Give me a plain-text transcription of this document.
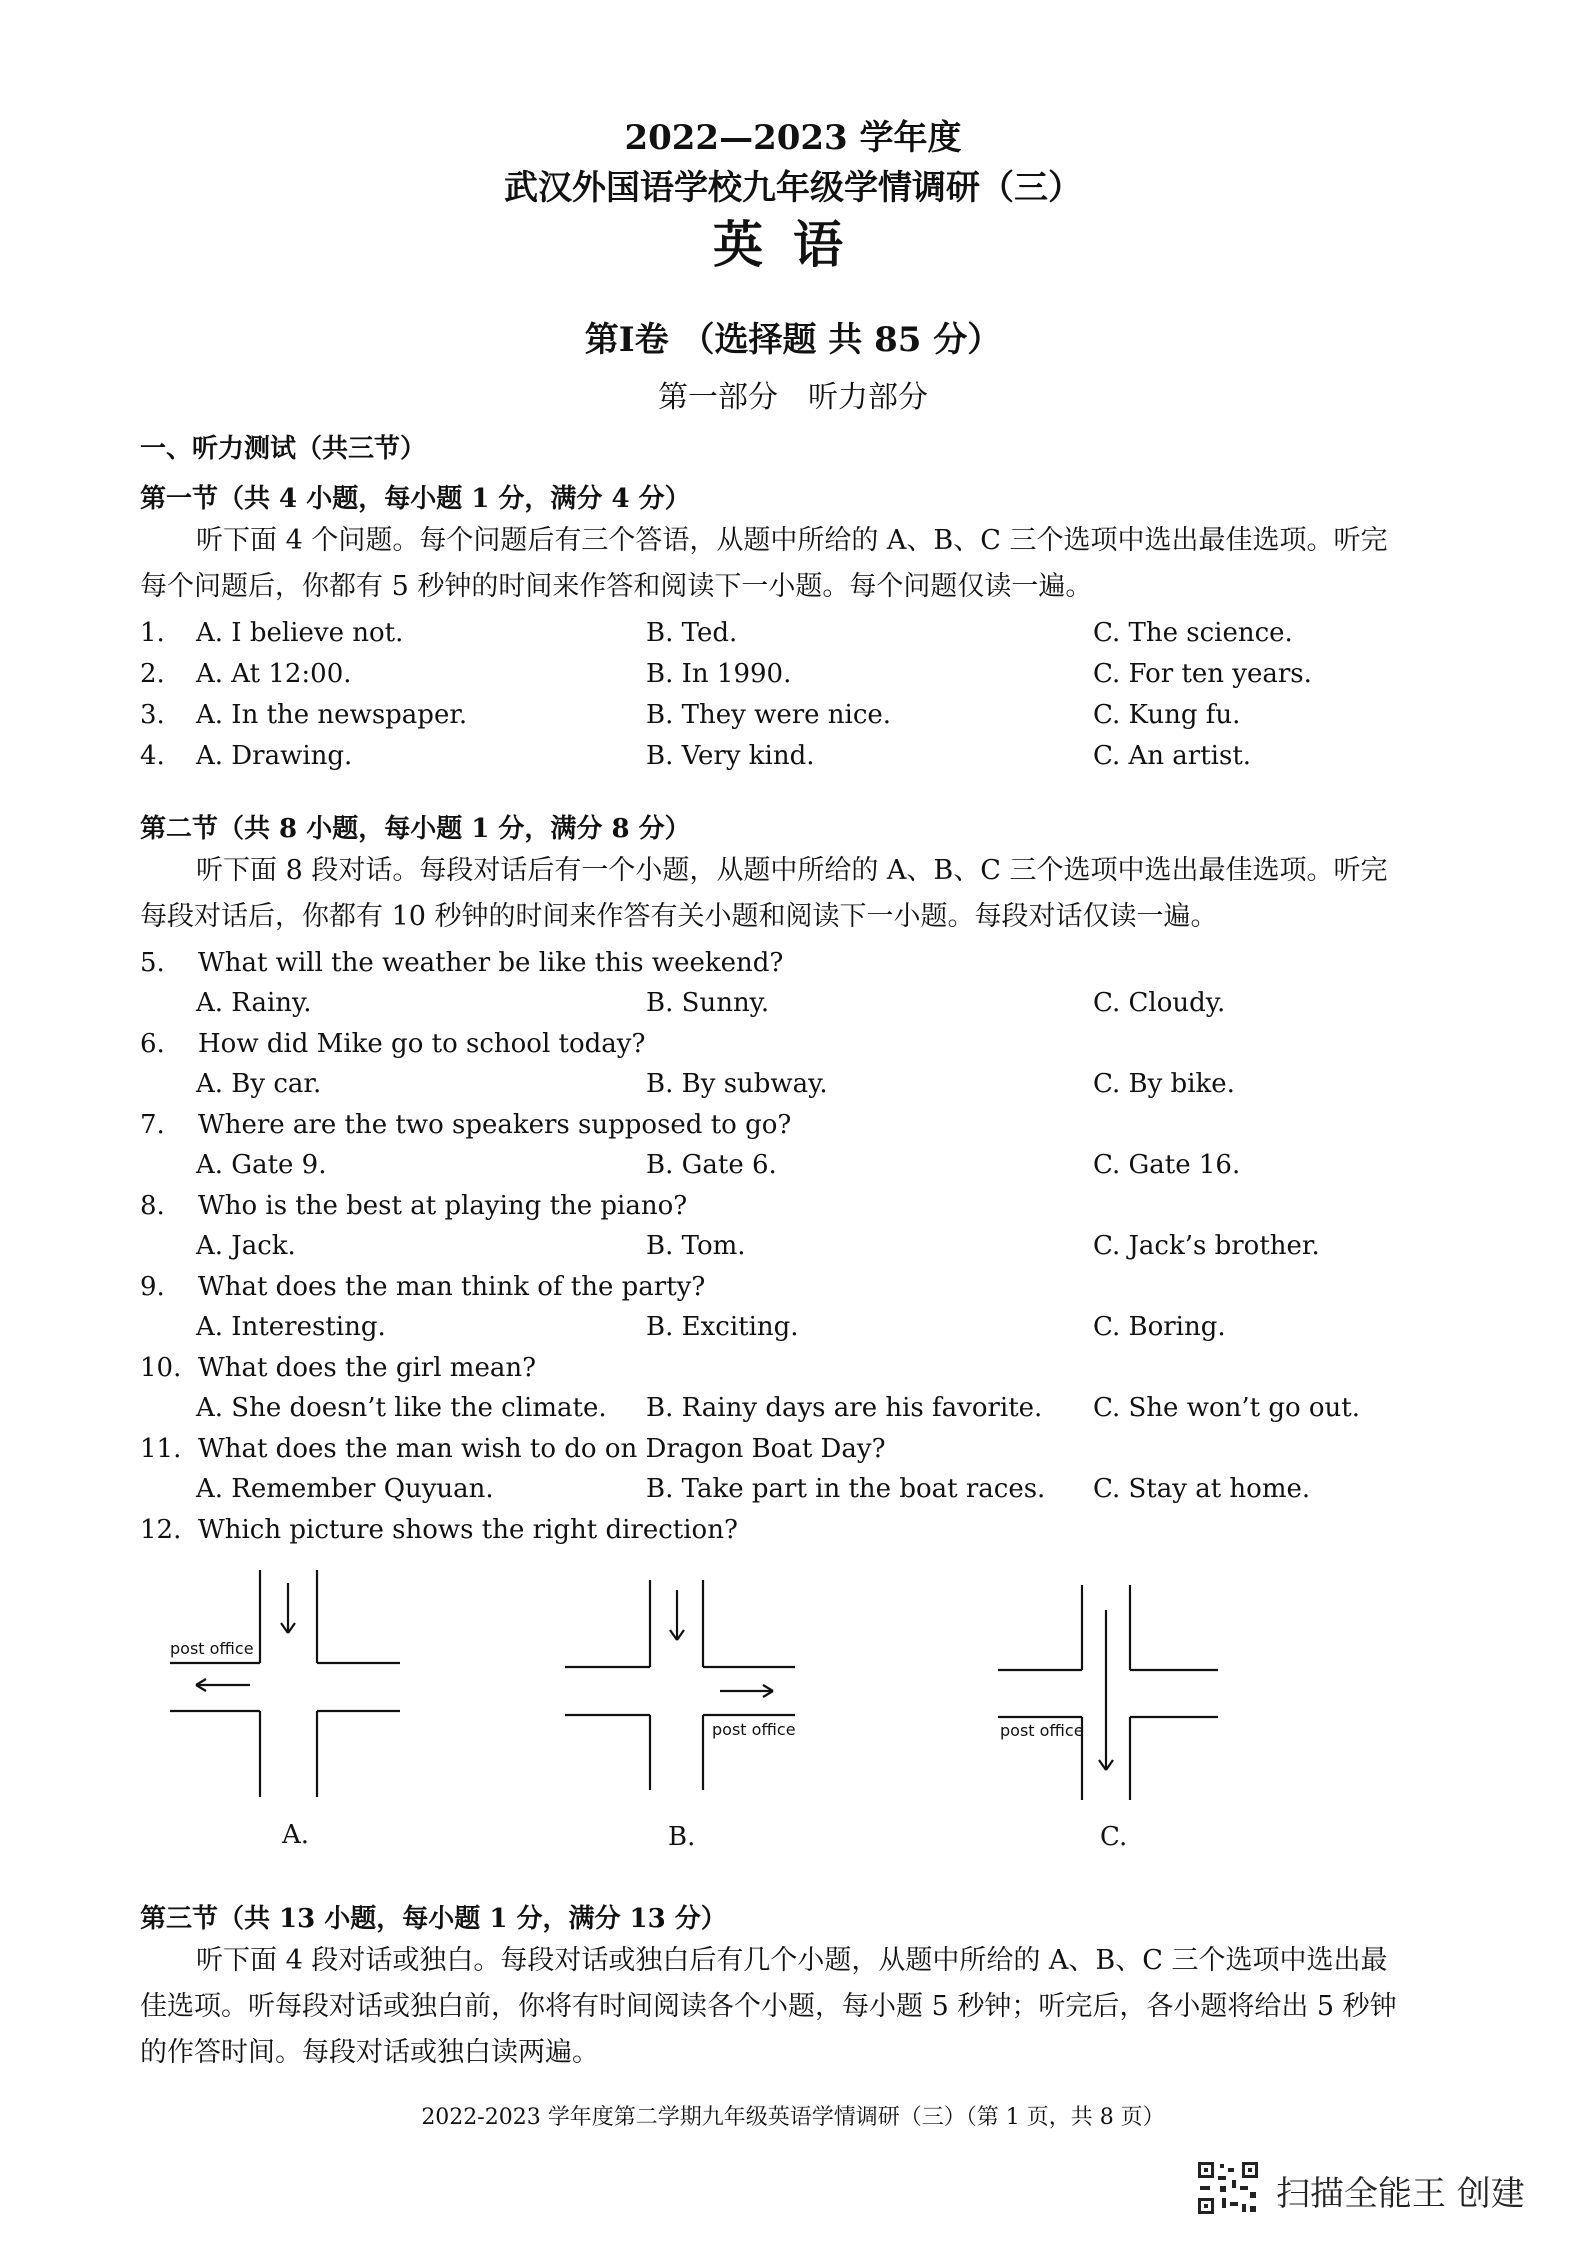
2022—2023 学年度
武汉外国语学校九年级学情调研（三）
英语
第Ⅰ卷 （选择题 共 85 分）
第一部分　听力部分
一、听力测试（共三节）
第一节（共 4 小题，每小题 1 分，满分 4 分）
听下面 4 个问题。每个问题后有三个答语，从题中所给的 A、B、C 三个选项中选出最佳选项。听完
每个问题后，你都有 5 秒钟的时间来作答和阅读下一小题。每个问题仅读一遍。
1. A. I believe not.	B. Ted.	C. The science.
2. A. At 12:00.	B. In 1990.	C. For ten years.
3. A. In the newspaper.	B. They were nice.	C. Kung fu.
4. A. Drawing.	B. Very kind.	C. An artist.
第二节（共 8 小题，每小题 1 分，满分 8 分）
听下面 8 段对话。每段对话后有一个小题，从题中所给的 A、B、C 三个选项中选出最佳选项。听完
每段对话后，你都有 10 秒钟的时间来作答有关小题和阅读下一小题。每段对话仅读一遍。
5. What will the weather be like this weekend?
A. Rainy.	B. Sunny.	C. Cloudy.
6. How did Mike go to school today?
A. By car.	B. By subway.	C. By bike.
7. Where are the two speakers supposed to go?
A. Gate 9.	B. Gate 6.	C. Gate 16.
8. Who is the best at playing the piano?
A. Jack.	B. Tom.	C. Jack’s brother.
9. What does the man think of the party?
A. Interesting.	B. Exciting.	C. Boring.
10. What does the girl mean?
A. She doesn’t like the climate. B. Rainy days are his favorite. C. She won’t go out.
11. What does the man wish to do on Dragon Boat Day?
A. Remember Quyuan.	B. Take part in the boat races. C. Stay at home.
12. Which picture shows the right direction?
post office
A.
post office
B.
post office
C.
第三节（共 13 小题，每小题 1 分，满分 13 分）
听下面 4 段对话或独白。每段对话或独白后有几个小题，从题中所给的 A、B、C 三个选项中选出最
佳选项。听每段对话或独白前，你将有时间阅读各个小题，每小题 5 秒钟；听完后，各小题将给出 5 秒钟
的作答时间。每段对话或独白读两遍。
2022-2023 学年度第二学期九年级英语学情调研（三）（第 1 页，共 8 页）
扫描全能王 创建
